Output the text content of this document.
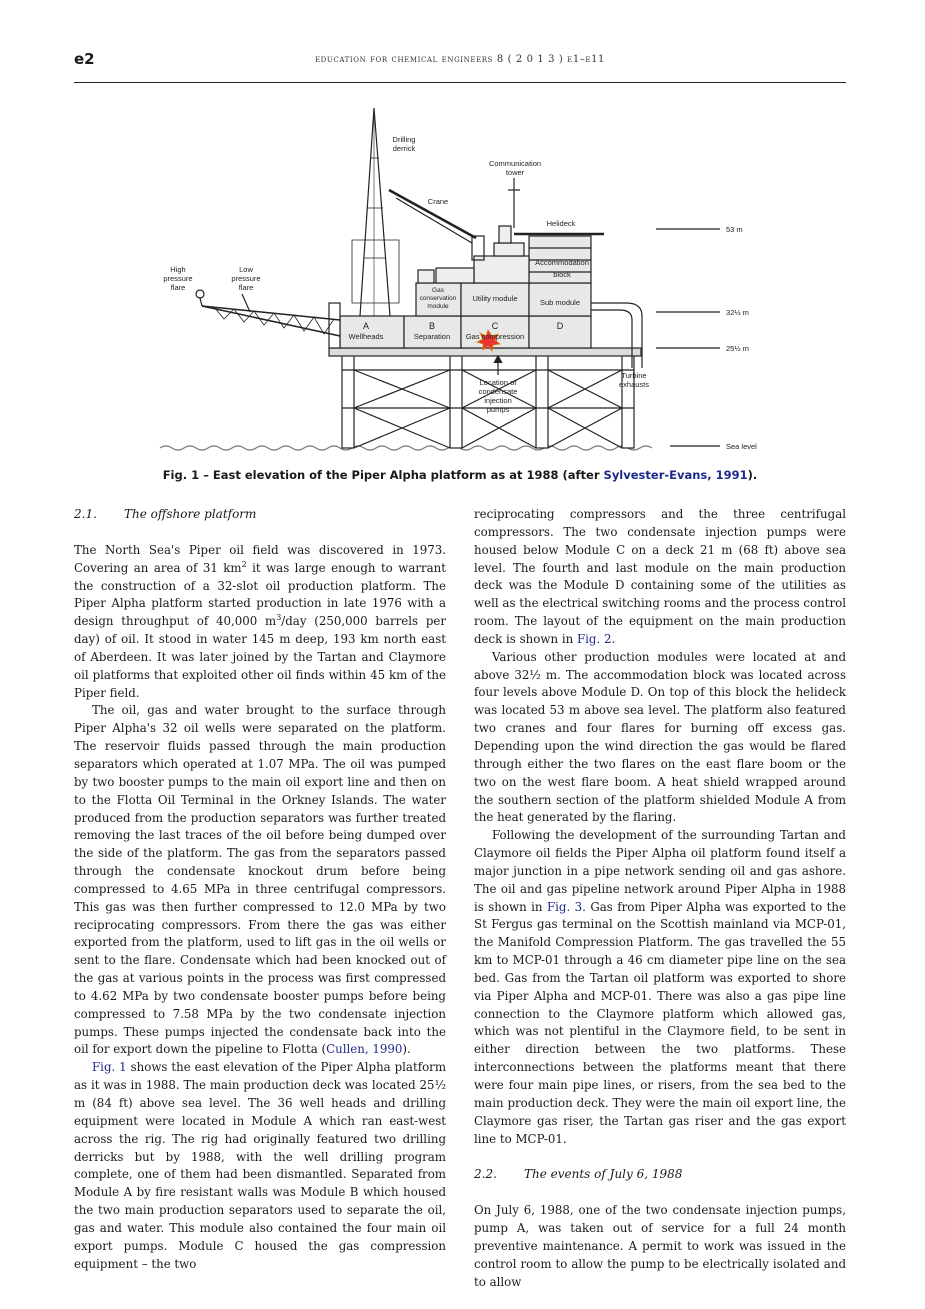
e2	education for chemical engineers 8 ( 2 0 1 3 ) e1–e11
Drilling
derrick
Communication
tower
Crane
Helideck
Accommodation
block
High
pressure
flare
Low
pressure
flare	Gas
conservation
module
Utility module	Sub module
A
Wellheads
B
Separation
C
Gas compression
D
Location of
condensate
injection
pumps
Turbine
exhausts
53 m
32½ m
25½ m
Sea level
Fig. 1 – East elevation of the Piper Alpha platform as at 1988 (after Sylvester-Evans, 1991).

2.1. The offshore platform

The North Sea's Piper oil field was discovered in 1973. Covering an area of 31 $km^2$ it was large enough to warrant the construction of a 32-slot oil production platform. The Piper Alpha platform started production in late 1976 with a design throughput of 40,000 $m^3$/day (250,000 barrels per day) of oil. It stood in water 145 m deep, 193 km north east of Aberdeen. It was later joined by the Tartan and Claymore oil platforms that exploited other oil finds within 45 km of the Piper field.

The oil, gas and water brought to the surface through Piper Alpha's 32 oil wells were separated on the platform. The reservoir fluids passed through the main production separators which operated at 1.07 MPa. The oil was pumped by two booster pumps to the main oil export line and then on to the Flotta Oil Terminal in the Orkney Islands. The water produced from the production separators was further treated removing the last traces of the oil before being dumped over the side of the platform. The gas from the separators passed through the condensate knockout drum before being compressed to 4.65 MPa in three centrifugal compressors. This gas was then further compressed to 12.0 MPa by two reciprocating compressors. From there the gas was either exported from the platform, used to lift gas in the oil wells or sent to the flare. Condensate which had been knocked out of the gas at various points in the process was first compressed to 4.62 MPa by two condensate booster pumps before being compressed to 7.58 MPa by the two condensate injection pumps. These pumps injected the condensate back into the oil for export down the pipeline to Flotta (Cullen, 1990).

Fig. 1 shows the east elevation of the Piper Alpha platform as it was in 1988. The main production deck was located 25½ m (84 ft) above sea level. The 36 well heads and drilling equipment were located in Module A which ran east-west across the rig. The rig had originally featured two drilling derricks but by 1988, with the well drilling program complete, one of them had been dismantled. Separated from Module A by fire resistant walls was Module B which housed the two main production separators used to separate the oil, gas and water. This module also contained the four main oil export pumps. Module C housed the gas compression equipment – the two

reciprocating compressors and the three centrifugal compressors. The two condensate injection pumps were housed below Module C on a deck 21 m (68 ft) above sea level. The fourth and last module on the main production deck was the Module D containing some of the utilities as well as the electrical switching rooms and the process control room. The layout of the equipment on the main production deck is shown in Fig. 2.

Various other production modules were located at and above 32½ m. The accommodation block was located across four levels above Module D. On top of this block the helideck was located 53 m above sea level. The platform also featured two cranes and four flares for burning off excess gas. Depending upon the wind direction the gas would be flared through either the two flares on the east flare boom or the two on the west flare boom. A heat shield wrapped around the southern section of the platform shielded Module A from the heat generated by the flaring.

Following the development of the surrounding Tartan and Claymore oil fields the Piper Alpha oil platform found itself a major junction in a pipe network sending oil and gas ashore. The oil and gas pipeline network around Piper Alpha in 1988 is shown in Fig. 3. Gas from Piper Alpha was exported to the St Fergus gas terminal on the Scottish mainland via MCP-01, the Manifold Compression Platform. The gas travelled the 55 km to MCP-01 through a 46 cm diameter pipe line on the sea bed. Gas from the Tartan oil platform was exported to shore via Piper Alpha and MCP-01. There was also a gas pipe line connection to the Claymore platform which allowed gas, which was not plentiful in the Claymore field, to be sent in either direction between the two platforms. These interconnections between the platforms meant that there were four main pipe lines, or risers, from the sea bed to the main production deck. They were the main oil export line, the Claymore gas riser, the Tartan gas riser and the gas export line to MCP-01.

2.2. The events of July 6, 1988

On July 6, 1988, one of the two condensate injection pumps, pump A, was taken out of service for a full 24 month preventive maintenance. A permit to work was issued in the control room to allow the pump to be electrically isolated and to allow
